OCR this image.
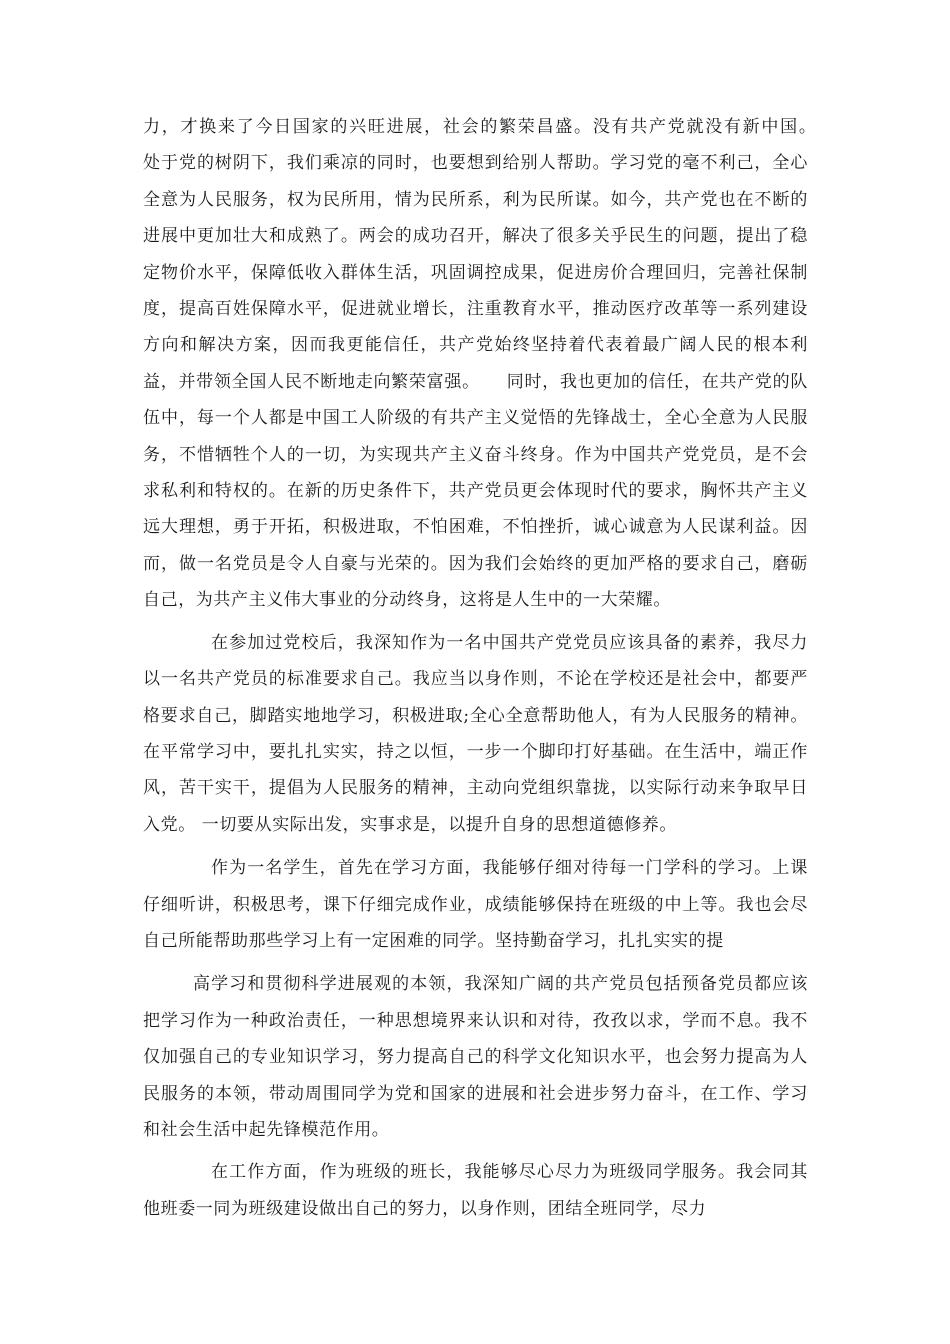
力，才换来了今日国家的兴旺进展，社会的繁荣昌盛。没有共产党就没有新中国。　　处于党的树阴下，我们乘凉的同时，也要想到给别人帮助。学习党的毫不利己，全心全意为人民服务，权为民所用，情为民所系，利为民所谋。如今，共产党也在不断的进展中更加壮大和成熟了。两会的成功召开，解决了很多关乎民生的问题，提出了稳定物价水平，保障低收入群体生活，巩固调控成果，促进房价合理回归，完善社保制度，提高百姓保障水平，促进就业增长，注重教育水平，推动医疗改革等一系列建设方向和解决方案，因而我更能信任，共产党始终坚持着代表着最广阔人民的根本利益，并带领全国人民不断地走向繁荣富强。　　同时，我也更加的信任，在共产党的队伍中，每一个人都是中国工人阶级的有共产主义觉悟的先锋战士，全心全意为人民服务，不惜牺牲个人的一切，为实现共产主义奋斗终身。作为中国共产党党员，是不会求私利和特权的。在新的历史条件下，共产党员更会体现时代的要求，胸怀共产主义远大理想，勇于开拓，积极进取，不怕困难，不怕挫折，诚心诚意为人民谋利益。因而，做一名党员是令人自豪与光荣的。因为我们会始终的更加严格的要求自己，磨砺自己，为共产主义伟大事业的分动终身，这将是人生中的一大荣耀。

在参加过党校后，我深知作为一名中国共产党党员应该具备的素养，我尽力以一名共产党员的标准要求自己。我应当以身作则，不论在学校还是社会中，都要严格要求自己，脚踏实地地学习，积极进取;全心全意帮助他人，有为人民服务的精神。在平常学习中，要扎扎实实，持之以恒，一步一个脚印打好基础。在生活中，端正作风，苦干实干，提倡为人民服务的精神，主动向党组织靠拢，以实际行动来争取早日入党。 一切要从实际出发，实事求是，以提升自身的思想道德修养。

作为一名学生，首先在学习方面，我能够仔细对待每一门学科的学习。上课仔细听讲，积极思考，课下仔细完成作业，成绩能够保持在班级的中上等。我也会尽自己所能帮助那些学习上有一定困难的同学。坚持勤奋学习，扎扎实实的提

高学习和贯彻科学进展观的本领，我深知广阔的共产党员包括预备党员都应该把学习作为一种政治责任，一种思想境界来认识和对待，孜孜以求，学而不息。我不仅加强自己的专业知识学习，努力提高自己的科学文化知识水平，也会努力提高为人民服务的本领，带动周围同学为党和国家的进展和社会进步努力奋斗，在工作、学习和社会生活中起先锋模范作用。

在工作方面，作为班级的班长，我能够尽心尽力为班级同学服务。我会同其他班委一同为班级建设做出自己的努力，以身作则，团结全班同学，尽力
